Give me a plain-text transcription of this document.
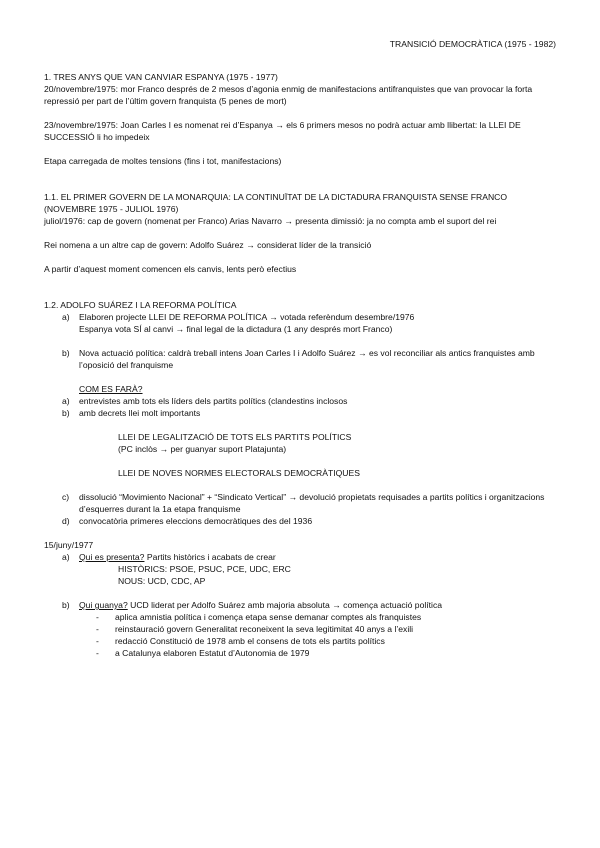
TRANSICIÓ DEMOCRÀTICA (1975 - 1982)

1. TRES ANYS QUE VAN CANVIAR ESPANYA (1975 - 1977)

20/novembre/1975: mor Franco després de 2 mesos d’agonia enmig de manifestacions antifranquistes que van provocar la forta repressió per part de l’últim govern franquista (5 penes de mort)

23/novembre/1975: Joan Carles I es nomenat rei d’Espanya → els 6 primers mesos no podrà actuar amb llibertat: la LLEI DE SUCCESSIÓ li ho impedeix

Etapa carregada de moltes tensions (fins i tot, manifestacions)

1.1. EL PRIMER GOVERN DE LA MONARQUIA: LA CONTINUÏTAT DE LA DICTADURA FRANQUISTA SENSE FRANCO (NOVEMBRE 1975 - JULIOL 1976)

juliol/1976: cap de govern (nomenat per Franco) Arias Navarro → presenta dimissió: ja no compta amb el suport del rei

Rei nomena a un altre cap de govern: Adolfo Suárez → considerat líder de la transició

A partir d’aquest moment comencen els canvis, lents però efectius

1.2. ADOLFO SUÁREZ I LA REFORMA POLÍTICA

a) Elaboren projecte LLEI DE REFORMA POLÍTICA → votada referèndum desembre/1976

Espanya vota SÍ al canvi → final legal de la dictadura (1 any després mort Franco)

b) Nova actuació política: caldrà treball intens Joan Carles I i Adolfo Suárez → es vol reconciliar als antics franquistes amb l’oposició del franquisme

COM ES FARÀ?

a) entrevistes amb tots els líders dels partits polítics (clandestins inclosos

b) amb decrets llei molt importants

LLEI DE LEGALITZACIÓ DE TOTS ELS PARTITS POLÍTICS

(PC inclòs → per guanyar suport Platajunta)

LLEI DE NOVES NORMES ELECTORALS DEMOCRÀTIQUES

c) dissolució “Movimiento Nacional” + “Sindicato Vertical” → devolució propietats requisades a partits polítics i organitzacions d’esquerres durant la 1a etapa franquisme

d) convocatòria primeres eleccions democràtiques des del 1936

15/juny/1977

a) Qui es presenta? Partits històrics i acabats de crear

HISTÒRICS: PSOE, PSUC, PCE, UDC, ERC

NOUS: UCD, CDC, AP

b) Qui guanya? UCD liderat per Adolfo Suárez amb majoria absoluta → comença actuació política

- aplica amnistia política i comença etapa sense demanar comptes als franquistes

- reinstauració govern Generalitat reconeixent la seva legitimitat 40 anys a l’exili

- redacció Constitució de 1978 amb el consens de tots els partits polítics

- a Catalunya elaboren Estatut d’Autonomia de 1979
